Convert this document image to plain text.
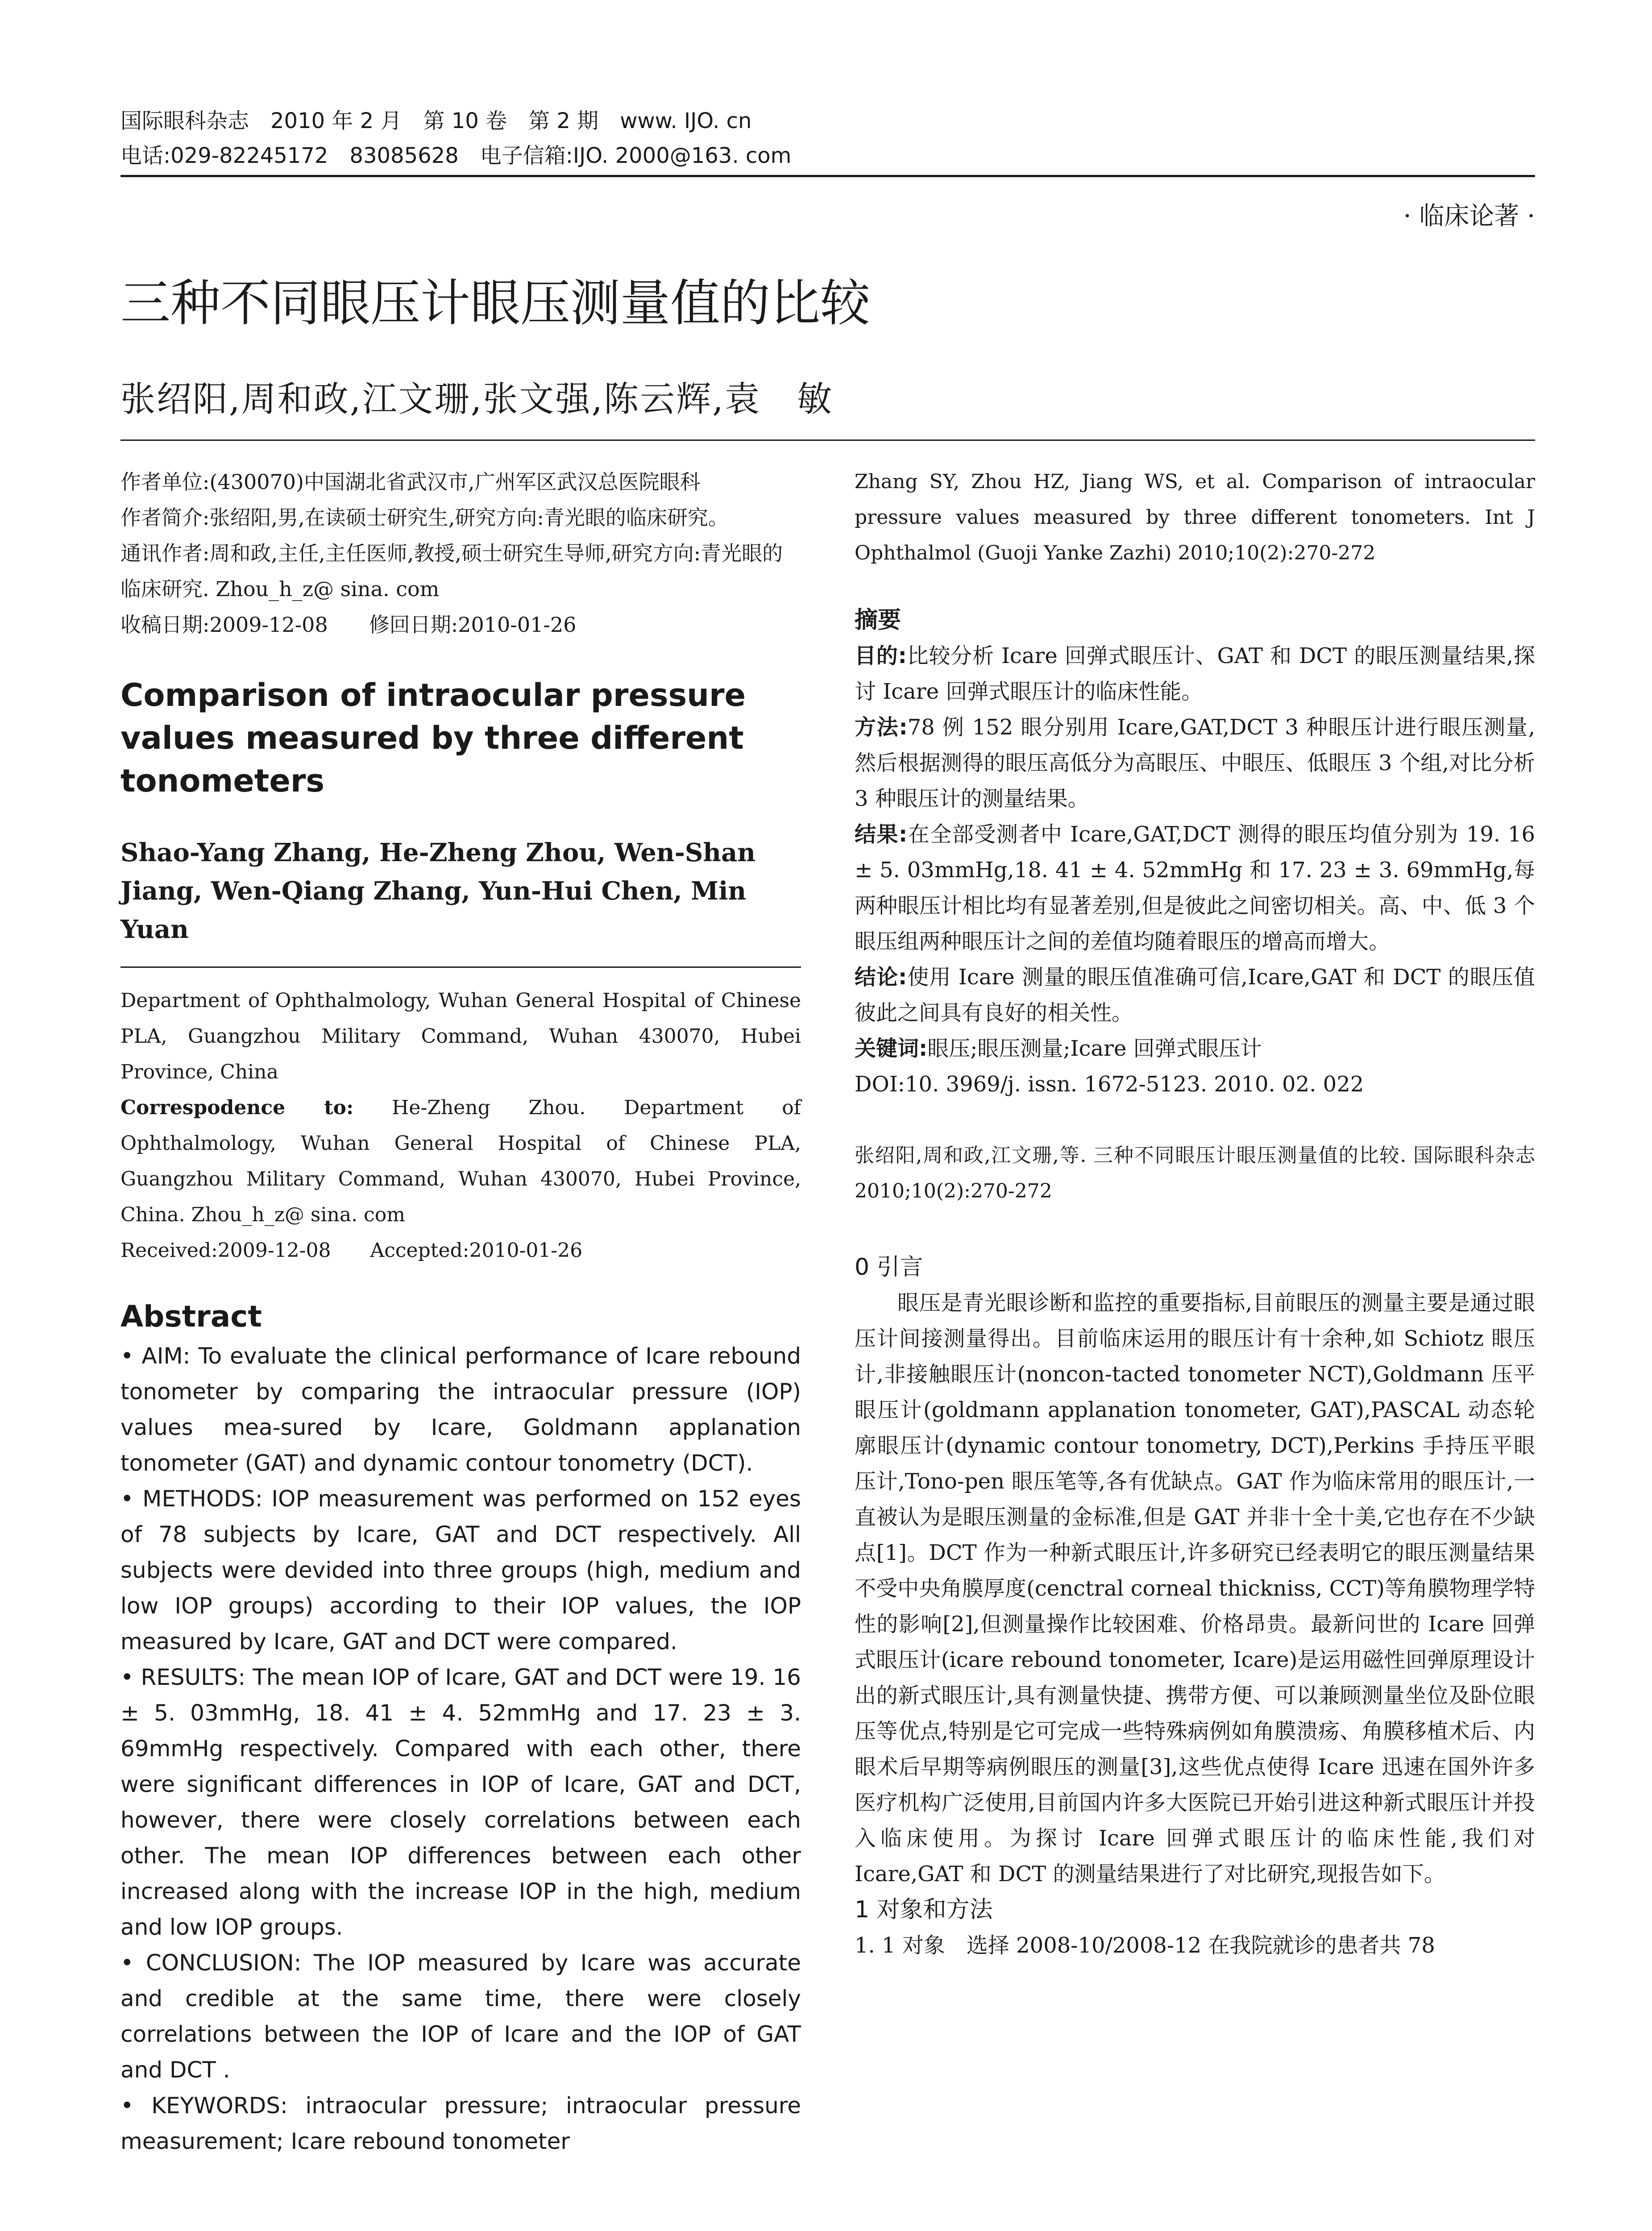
国际眼科杂志　2010 年 2 月　第 10 卷　第 2 期　www. IJO. cn
电话:029-82245172　83085628　电子信箱:IJO. 2000@163. com
· 临床论著 ·
三种不同眼压计眼压测量值的比较
张绍阳,周和政,江文珊,张文强,陈云辉,袁　敏

作者单位:(430070)中国湖北省武汉市,广州军区武汉总医院眼科

作者简介:张绍阳,男,在读硕士研究生,研究方向:青光眼的临床研究。

通讯作者:周和政,主任,主任医师,教授,硕士研究生导师,研究方向:青光眼的临床研究. Zhou_h_z@ sina. com

收稿日期:2009-12-08　　修回日期:2010-01-26

Comparison of intraocular pressure values measured by three different tonometers

Shao-Yang Zhang, He-Zheng Zhou, Wen-Shan Jiang, Wen-Qiang Zhang, Yun-Hui Chen, Min Yuan

Department of Ophthalmology, Wuhan General Hospital of Chinese PLA, Guangzhou Military Command, Wuhan 430070, Hubei Province, China

Correspodence to: He-Zheng Zhou. Department of Ophthalmology, Wuhan General Hospital of Chinese PLA, Guangzhou Military Command, Wuhan 430070, Hubei Province, China. Zhou_h_z@ sina. com

Received:2009-12-08　　Accepted:2010-01-26

Abstract

• AIM: To evaluate the clinical performance of Icare rebound tonometer by comparing the intraocular pressure (IOP) values mea-sured by Icare, Goldmann applanation tonometer (GAT) and dynamic contour tonometry (DCT).

• METHODS: IOP measurement was performed on 152 eyes of 78 subjects by Icare, GAT and DCT respectively. All subjects were devided into three groups (high, medium and low IOP groups) according to their IOP values, the IOP measured by Icare, GAT and DCT were compared.

• RESULTS: The mean IOP of Icare, GAT and DCT were 19. 16 ± 5. 03mmHg, 18. 41 ± 4. 52mmHg and 17. 23 ± 3. 69mmHg respectively. Compared with each other, there were significant differences in IOP of Icare, GAT and DCT, however, there were closely correlations between each other. The mean IOP differences between each other increased along with the increase IOP in the high, medium and low IOP groups.

• CONCLUSION: The IOP measured by Icare was accurate and credible at the same time, there were closely correlations between the IOP of Icare and the IOP of GAT and DCT .

• KEYWORDS: intraocular pressure; intraocular pressure measurement; Icare rebound tonometer

Zhang SY, Zhou HZ, Jiang WS, et al. Comparison of intraocular pressure values measured by three different tonometers. Int J Ophthalmol (Guoji Yanke Zazhi) 2010;10(2):270-272

摘要

目的:比较分析 Icare 回弹式眼压计、GAT 和 DCT 的眼压测量结果,探讨 Icare 回弹式眼压计的临床性能。

方法:78 例 152 眼分别用 Icare,GAT,DCT 3 种眼压计进行眼压测量,然后根据测得的眼压高低分为高眼压、中眼压、低眼压 3 个组,对比分析 3 种眼压计的测量结果。

结果:在全部受测者中 Icare,GAT,DCT 测得的眼压均值分别为 19. 16 ± 5. 03mmHg,18. 41 ± 4. 52mmHg 和 17. 23 ± 3. 69mmHg,每两种眼压计相比均有显著差别,但是彼此之间密切相关。高、中、低 3 个眼压组两种眼压计之间的差值均随着眼压的增高而增大。

结论:使用 Icare 测量的眼压值准确可信,Icare,GAT 和 DCT 的眼压值彼此之间具有良好的相关性。

关键词:眼压;眼压测量;Icare 回弹式眼压计

DOI:10. 3969/j. issn. 1672-5123. 2010. 02. 022

张绍阳,周和政,江文珊,等. 三种不同眼压计眼压测量值的比较. 国际眼科杂志 2010;10(2):270-272

0 引言

眼压是青光眼诊断和监控的重要指标,目前眼压的测量主要是通过眼压计间接测量得出。目前临床运用的眼压计有十余种,如 Schiotz 眼压计,非接触眼压计(noncon-tacted tonometer NCT),Goldmann 压平眼压计(goldmann applanation tonometer, GAT),PASCAL 动态轮廓眼压计(dynamic contour tonometry, DCT),Perkins 手持压平眼压计,Tono-pen 眼压笔等,各有优缺点。GAT 作为临床常用的眼压计,一直被认为是眼压测量的金标准,但是 GAT 并非十全十美,它也存在不少缺点[1]。DCT 作为一种新式眼压计,许多研究已经表明它的眼压测量结果不受中央角膜厚度(cenctral corneal thickniss, CCT)等角膜物理学特性的影响[2],但测量操作比较困难、价格昂贵。最新问世的 Icare 回弹式眼压计(icare rebound tonometer, Icare)是运用磁性回弹原理设计出的新式眼压计,具有测量快捷、携带方便、可以兼顾测量坐位及卧位眼压等优点,特别是它可完成一些特殊病例如角膜溃疡、角膜移植术后、内眼术后早期等病例眼压的测量[3],这些优点使得 Icare 迅速在国外许多医疗机构广泛使用,目前国内许多大医院已开始引进这种新式眼压计并投入临床使用。为探讨 Icare 回弹式眼压计的临床性能,我们对 Icare,GAT 和 DCT 的测量结果进行了对比研究,现报告如下。

1 对象和方法

1. 1 对象　选择 2008-10/2008-12 在我院就诊的患者共 78
